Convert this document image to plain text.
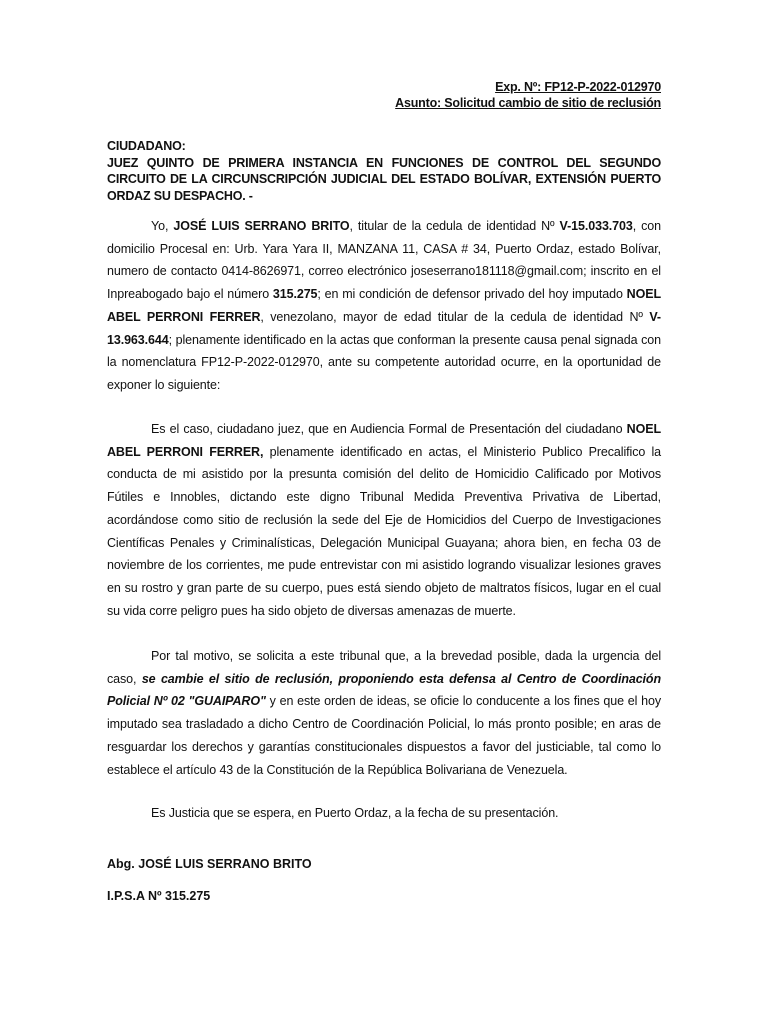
Exp. Nº: FP12-P-2022-012970
Asunto: Solicitud cambio de sitio de reclusión
CIUDADANO:
JUEZ QUINTO DE PRIMERA INSTANCIA EN FUNCIONES DE CONTROL DEL SEGUNDO CIRCUITO DE LA CIRCUNSCRIPCIÓN JUDICIAL DEL ESTADO BOLÍVAR, EXTENSIÓN PUERTO ORDAZ SU DESPACHO. -

Yo, JOSÉ LUIS SERRANO BRITO, titular de la cedula de identidad Nº V-15.033.703, con domicilio Procesal en: Urb. Yara Yara II, MANZANA 11, CASA # 34, Puerto Ordaz, estado Bolívar, numero de contacto 0414-8626971, correo electrónico joseserrano181118@gmail.com; inscrito en el Inpreabogado bajo el número 315.275; en mi condición de defensor privado del hoy imputado NOEL ABEL PERRONI FERRER, venezolano, mayor de edad titular de la cedula de identidad Nº V-13.963.644; plenamente identificado en la actas que conforman la presente causa penal signada con la nomenclatura FP12-P-2022-012970, ante su competente autoridad ocurre, en la oportunidad de exponer lo siguiente:

Es el caso, ciudadano juez, que en Audiencia Formal de Presentación del ciudadano NOEL ABEL PERRONI FERRER, plenamente identificado en actas, el Ministerio Publico Precalifico la conducta de mi asistido por la presunta comisión del delito de Homicidio Calificado por Motivos Fútiles e Innobles, dictando este digno Tribunal Medida Preventiva Privativa de Libertad, acordándose como sitio de reclusión la sede del Eje de Homicidios del Cuerpo de Investigaciones Científicas Penales y Criminalísticas, Delegación Municipal Guayana; ahora bien, en fecha 03 de noviembre de los corrientes, me pude entrevistar con mi asistido logrando visualizar lesiones graves en su rostro y gran parte de su cuerpo, pues está siendo objeto de maltratos físicos, lugar en el cual su vida corre peligro pues ha sido objeto de diversas amenazas de muerte.

Por tal motivo, se solicita a este tribunal que, a la brevedad posible, dada la urgencia del caso, se cambie el sitio de reclusión, proponiendo esta defensa al Centro de Coordinación Policial Nº 02 "GUAIPARO" y en este orden de ideas, se oficie lo conducente a los fines que el hoy imputado sea trasladado a dicho Centro de Coordinación Policial, lo más pronto posible; en aras de resguardar los derechos y garantías constitucionales dispuestos a favor del justiciable, tal como lo establece el artículo 43 de la Constitución de la República Bolivariana de Venezuela.

Es Justicia que se espera, en Puerto Ordaz, a la fecha de su presentación.

Abg. JOSÉ LUIS SERRANO BRITO
I.P.S.A Nº 315.275
